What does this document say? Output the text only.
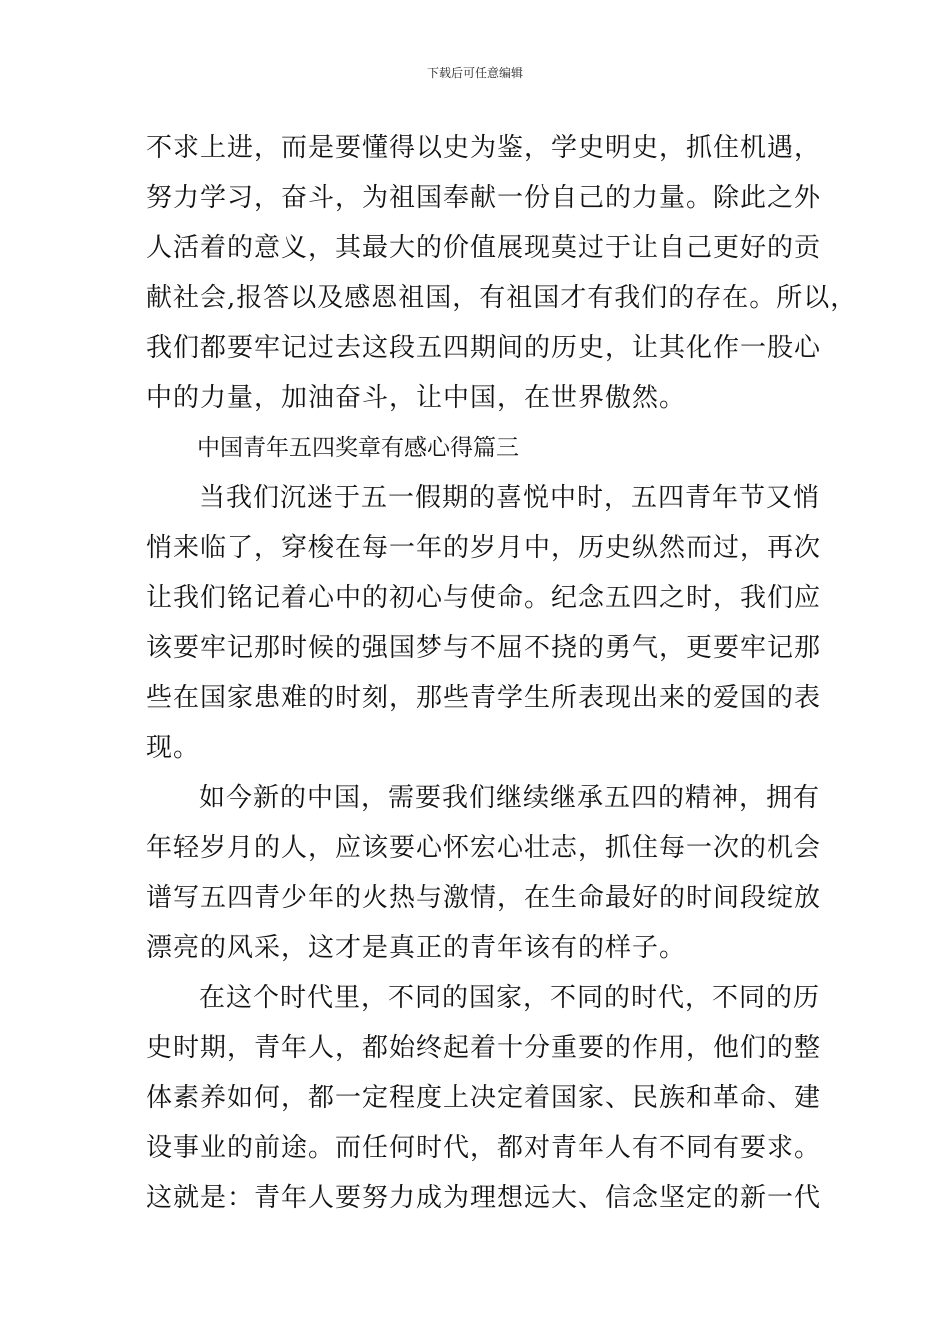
下载后可任意编辑
不求上进，而是要懂得以史为鉴，学史明史，抓住机遇，
努力学习，奋斗，为祖国奉献一份自己的力量。除此之外
人活着的意义，其最大的价值展现莫过于让自己更好的贡
献社会,报答以及感恩祖国，有祖国才有我们的存在。所以，
我们都要牢记过去这段五四期间的历史，让其化作一股心
中的力量，加油奋斗，让中国，在世界傲然。
中国青年五四奖章有感心得篇三
当我们沉迷于五一假期的喜悦中时，五四青年节又悄
悄来临了，穿梭在每一年的岁月中，历史纵然而过，再次
让我们铭记着心中的初心与使命。纪念五四之时，我们应
该要牢记那时候的强国梦与不屈不挠的勇气，更要牢记那
些在国家患难的时刻，那些青学生所表现出来的爱国的表
现。
如今新的中国，需要我们继续继承五四的精神，拥有
年轻岁月的人，应该要心怀宏心壮志，抓住每一次的机会
谱写五四青少年的火热与激情，在生命最好的时间段绽放
漂亮的风采，这才是真正的青年该有的样子。
在这个时代里，不同的国家，不同的时代，不同的历
史时期，青年人，都始终起着十分重要的作用，他们的整
体素养如何，都一定程度上决定着国家、民族和革命、建
设事业的前途。而任何时代，都对青年人有不同有要求。
这就是：青年人要努力成为理想远大、信念坚定的新一代
